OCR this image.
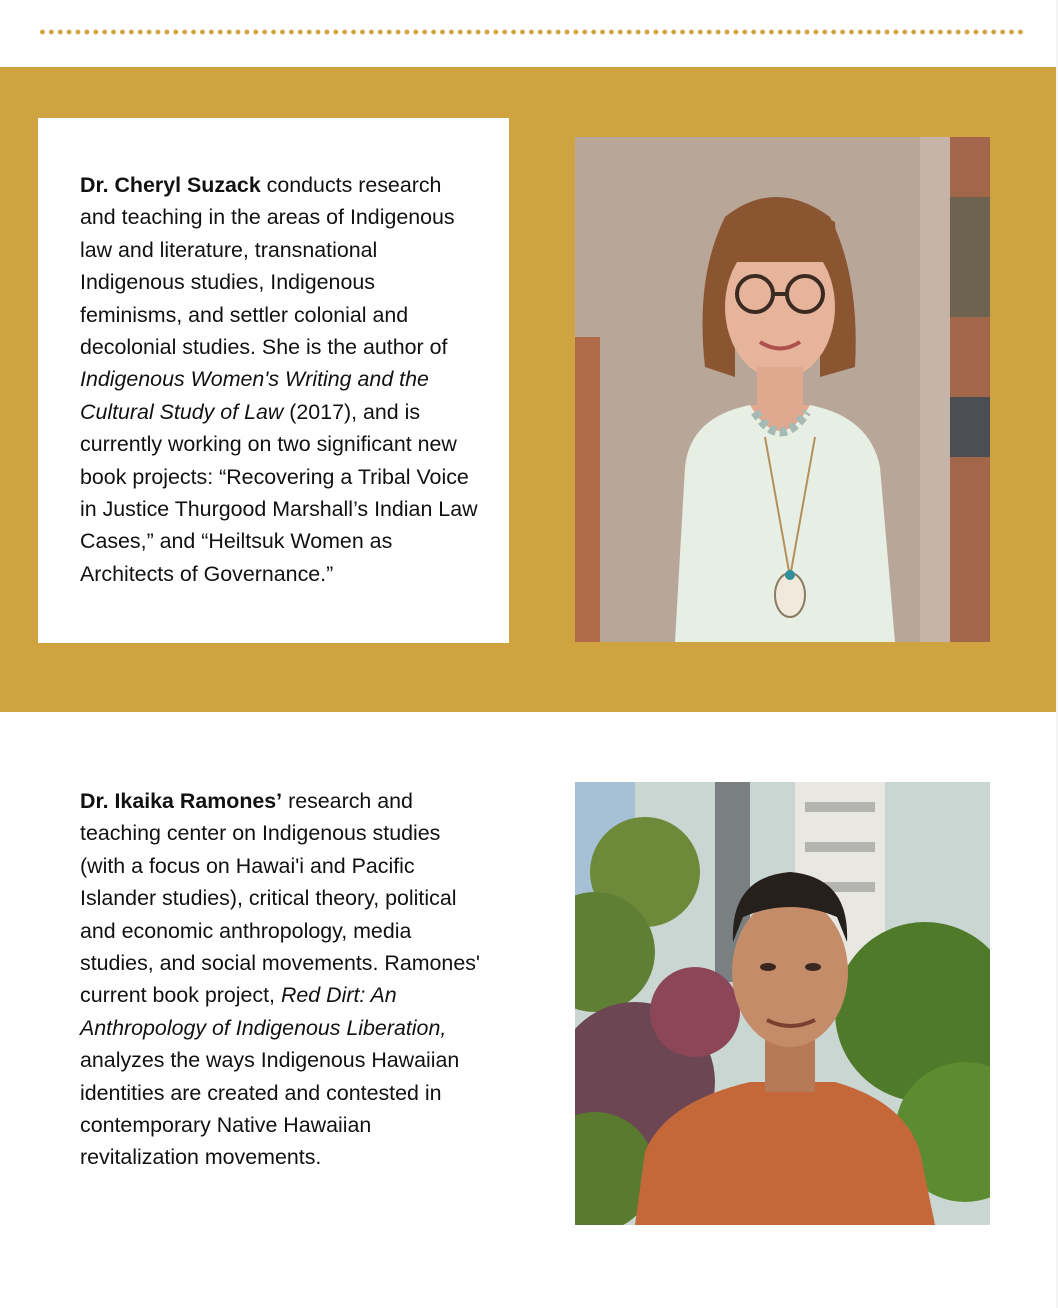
Dr. Cheryl Suzack conducts research and teaching in the areas of Indigenous law and literature, transnational Indigenous studies, Indigenous feminisms, and settler colonial and decolonial studies. She is the author of Indigenous Women's Writing and the Cultural Study of Law (2017), and is currently working on two significant new book projects: “Recovering a Tribal Voice in Justice Thurgood Marshall’s Indian Law Cases,” and “Heiltsuk Women as Architects of Governance.”

Dr. Ikaika Ramones’ research and teaching center on Indigenous studies (with a focus on Hawai'i and Pacific Islander studies), critical theory, political and economic anthropology, media studies, and social movements. Ramones' current book project, Red Dirt: An Anthropology of Indigenous Liberation, analyzes the ways Indigenous Hawaiian identities are created and contested in contemporary Native Hawaiian revitalization movements.
